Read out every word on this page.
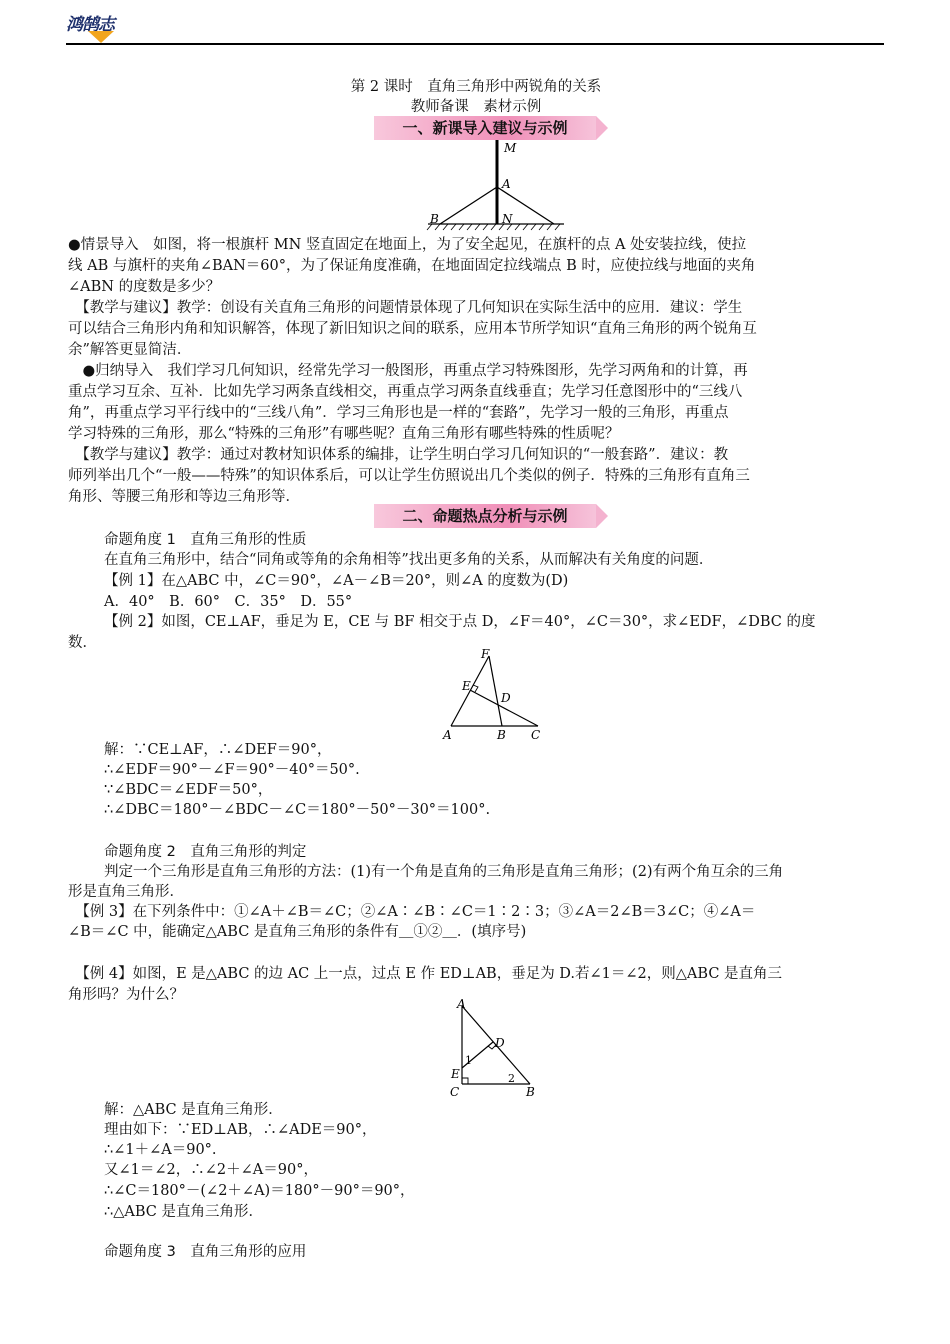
鸿鹄志
第 2 课时　直角三角形中两锐角的关系
教师备课　素材示例
一、新课导入建议与示例
M
A
B	N
●情景导入　如图，将一根旗杆 MN 竖直固定在地面上，为了安全起见，在旗杆的点 A 处安装拉线，使拉
线 AB 与旗杆的夹角∠BAN＝60°，为了保证角度准确，在地面固定拉线端点 B 时，应使拉线与地面的夹角
∠ABN 的度数是多少？
　【教学与建议】教学：创设有关直角三角形的问题情景体现了几何知识在实际生活中的应用．建议：学生
可以结合三角形内角和知识解答，体现了新旧知识之间的联系，应用本节所学知识“直角三角形的两个锐角互
余”解答更显简洁．
　●归纳导入　我们学习几何知识，经常先学习一般图形，再重点学习特殊图形，先学习两角和的计算，再
重点学习互余、互补．比如先学习两条直线相交，再重点学习两条直线垂直；先学习任意图形中的“三线八
角”，再重点学习平行线中的“三线八角”．学习三角形也是一样的“套路”，先学习一般的三角形，再重点
学习特殊的三角形，那么“特殊的三角形”有哪些呢？直角三角形有哪些特殊的性质呢？
　【教学与建议】教学：通过对教材知识体系的编排，让学生明白学习几何知识的“一般套路”．建议：教
师列举出几个“一般——特殊”的知识体系后，可以让学生仿照说出几个类似的例子．特殊的三角形有直角三
角形、等腰三角形和等边三角形等．
二、命题热点分析与示例
命题角度 1　直角三角形的性质
在直角三角形中，结合“同角或等角的余角相等”找出更多角的关系，从而解决有关角度的问题．
【例 1】在△ABC 中，∠C＝90°，∠A－∠B＝20°，则∠A 的度数为(D)
A．40°　B．60°　C．35°　D．55°
【例 2】如图，CE⊥AF，垂足为 E，CE 与 BF 相交于点 D，∠F＝40°，∠C＝30°，求∠EDF，∠DBC 的度
数．
F
E
D
A	B C
解：∵CE⊥AF，∴∠DEF＝90°，
∴∠EDF＝90°－∠F＝90°－40°＝50°.
∵∠BDC＝∠EDF＝50°，
∴∠DBC＝180°－∠BDC－∠C＝180°－50°－30°＝100°.
命题角度 2　直角三角形的判定
判定一个三角形是直角三角形的方法：(1)有一个角是直角的三角形是直角三角形；(2)有两个角互余的三角
形是直角三角形．
　【例 3】在下列条件中：①∠A＋∠B＝∠C；②∠A∶∠B∶∠C＝1∶2∶3；③∠A＝2∠B＝3∠C；④∠A＝
∠B＝∠C 中，能确定△ABC 是直角三角形的条件有＿①②＿．(填序号)
　【例 4】如图，E 是△ABC 的边 AC 上一点，过点 E 作 ED⊥AB，垂足为 D.若∠1＝∠2，则△ABC 是直角三
角形吗？为什么？
A
D
E
C	B
1
2
解：△ABC 是直角三角形．
理由如下：∵ED⊥AB，∴∠ADE＝90°，
∴∠1＋∠A＝90°.
又∠1＝∠2，∴∠2＋∠A＝90°，
∴∠C＝180°－(∠2＋∠A)＝180°－90°＝90°，
∴△ABC 是直角三角形．
命题角度 3　直角三角形的应用
